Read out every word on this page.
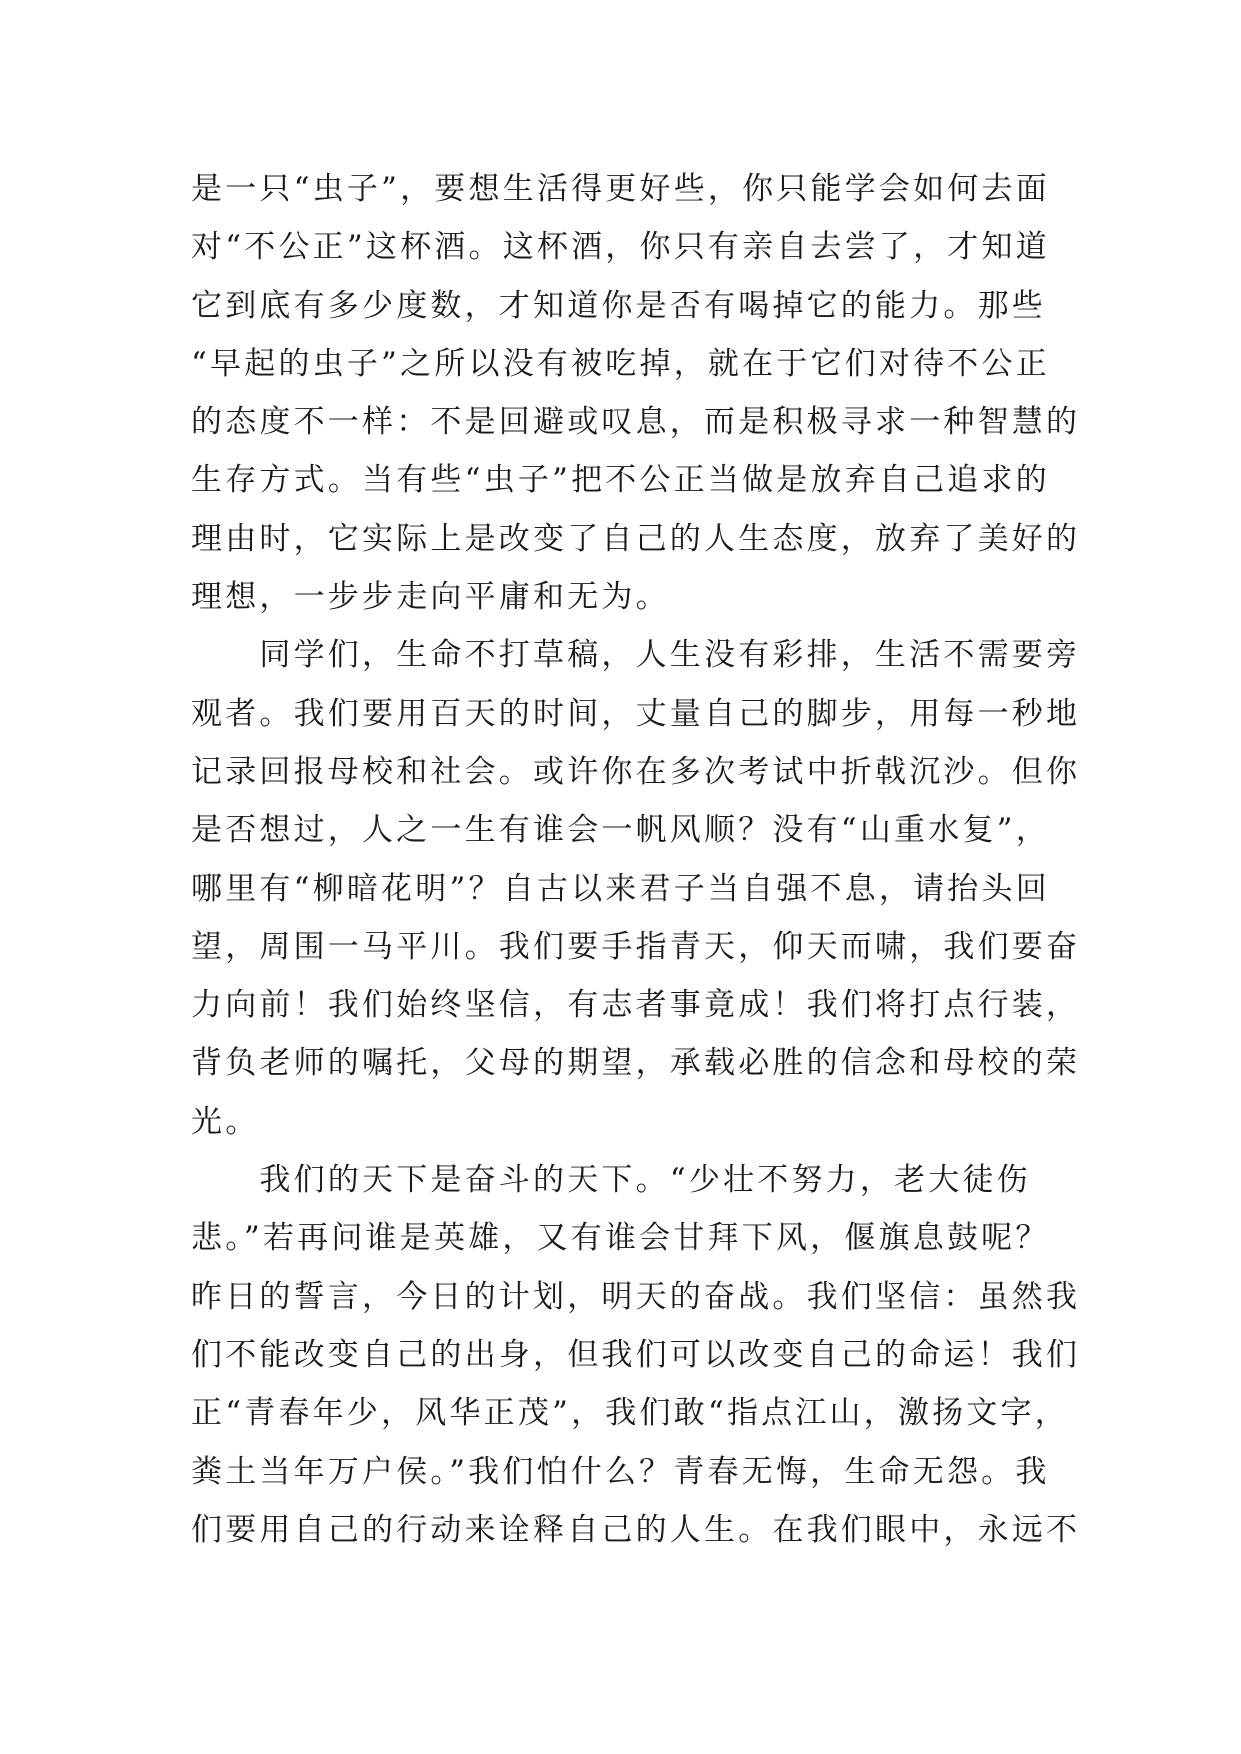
是一只“虫子”，要想生活得更好些，你只能学会如何去面
对“不公正”这杯酒。这杯酒，你只有亲自去尝了，才知道
它到底有多少度数，才知道你是否有喝掉它的能力。那些
“早起的虫子”之所以没有被吃掉，就在于它们对待不公正
的态度不一样：不是回避或叹息，而是积极寻求一种智慧的
生存方式。当有些“虫子”把不公正当做是放弃自己追求的
理由时，它实际上是改变了自己的人生态度，放弃了美好的
理想，一步步走向平庸和无为。
　　同学们，生命不打草稿，人生没有彩排，生活不需要旁
观者。我们要用百天的时间，丈量自己的脚步，用每一秒地
记录回报母校和社会。或许你在多次考试中折戟沉沙。但你
是否想过，人之一生有谁会一帆风顺？没有“山重水复”，
哪里有“柳暗花明”？自古以来君子当自强不息，请抬头回
望，周围一马平川。我们要手指青天，仰天而啸，我们要奋
力向前！我们始终坚信，有志者事竟成！我们将打点行装，
背负老师的嘱托，父母的期望，承载必胜的信念和母校的荣
光。
　　我们的天下是奋斗的天下。“少壮不努力，老大徒伤
悲。”若再问谁是英雄，又有谁会甘拜下风，偃旗息鼓呢？
昨日的誓言，今日的计划，明天的奋战。我们坚信：虽然我
们不能改变自己的出身，但我们可以改变自己的命运！我们
正“青春年少，风华正茂”，我们敢“指点江山，激扬文字，
粪土当年万户侯。”我们怕什么？青春无悔，生命无怨。我
们要用自己的行动来诠释自己的人生。在我们眼中，永远不
